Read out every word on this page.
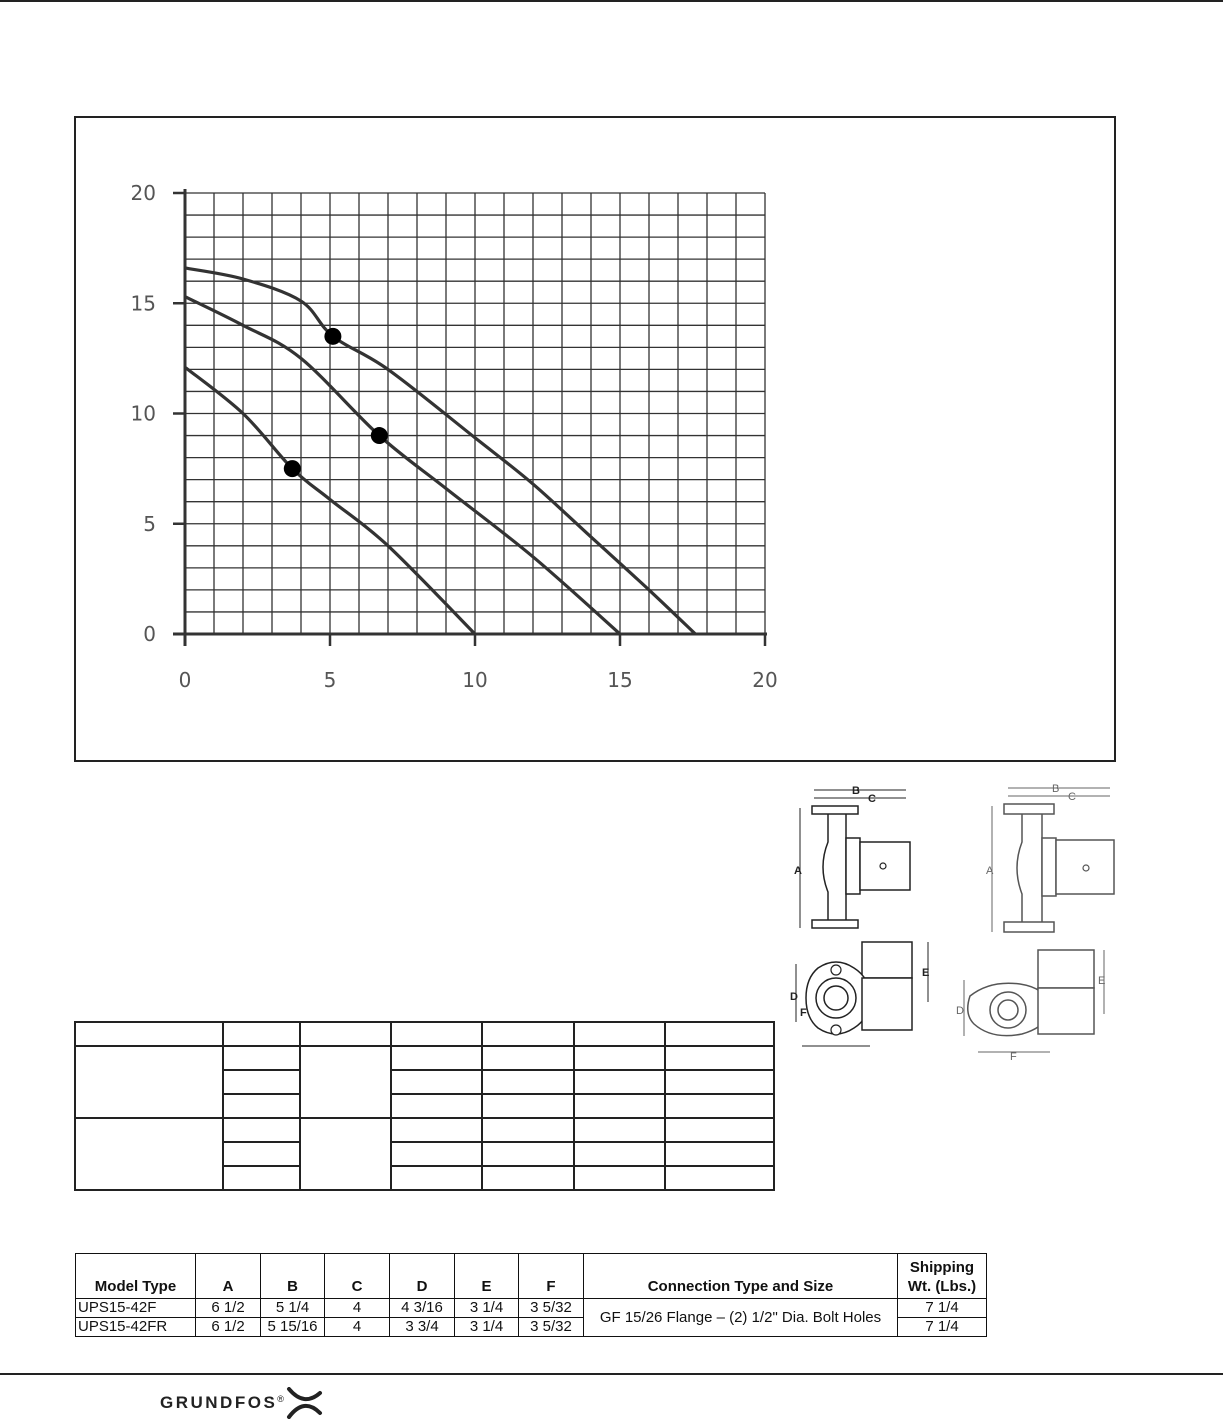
0	5	10	15	20
0
5
10
15
20
B
C
A
B
C
A
E
D
F
E
D
F

Model Type	A	B	C	D	E	F	Connection Type and Size	Shipping Wt. (Lbs.)
UPS15-42F	6 1/2	5 1/4	4	4 3/16	3 1/4	3 5/32	GF 15/26 Flange – (2) 1/2" Dia. Bolt Holes	7 1/4
UPS15-42FR	6 1/2	5 15/16	4	3 3/4	3 1/4	3 5/32		7 1/4
GRUNDFOS ®
